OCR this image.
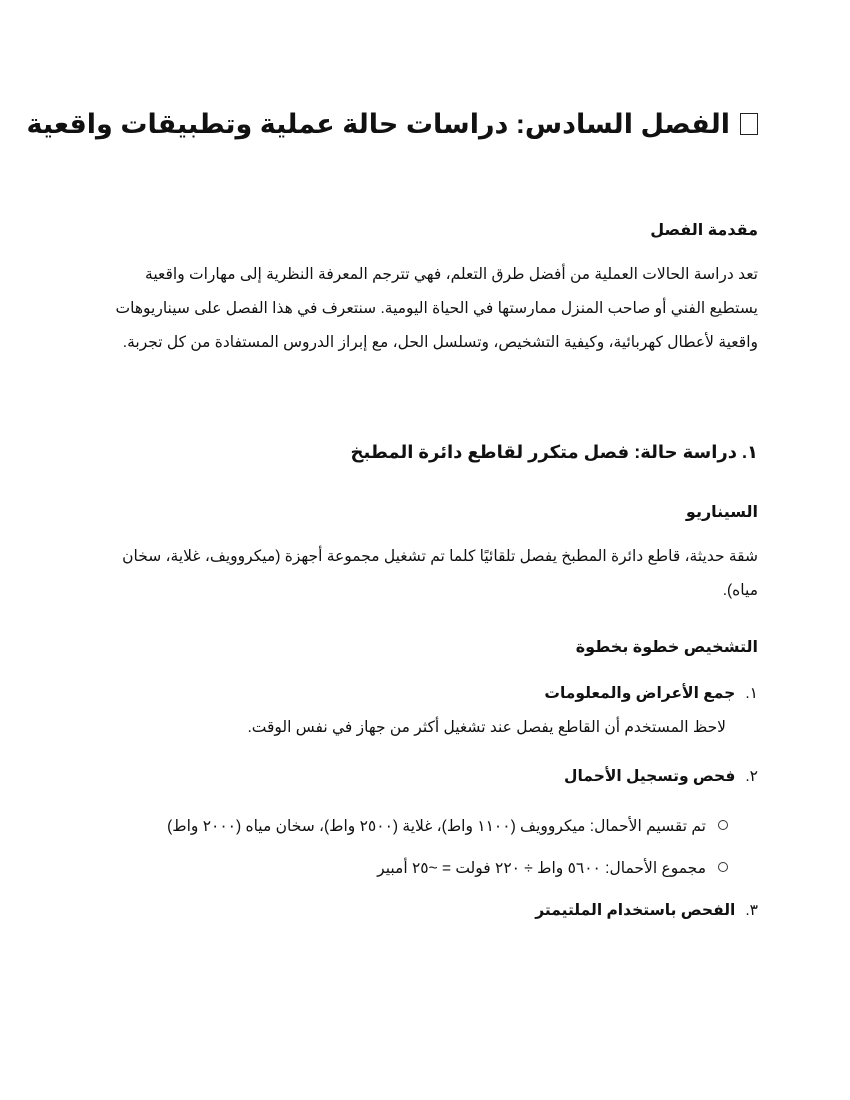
الفصل السادس: دراسات حالة عملية وتطبيقات واقعية
مقدمة الفصل
تعد دراسة الحالات العملية من أفضل طرق التعلم، فهي تترجم المعرفة النظرية إلى مهارات واقعية
يستطيع الفني أو صاحب المنزل ممارستها في الحياة اليومية. سنتعرف في هذا الفصل على سيناريوهات
واقعية لأعطال كهربائية، وكيفية التشخيص، وتسلسل الحل، مع إبراز الدروس المستفادة من كل تجربة.
١. دراسة حالة: فصل متكرر لقاطع دائرة المطبخ
السيناريو
شقة حديثة، قاطع دائرة المطبخ يفصل تلقائيًا كلما تم تشغيل مجموعة أجهزة (ميكروويف، غلاية، سخان
مياه).
التشخيص خطوة بخطوة
١.جمع الأعراض والمعلومات
لاحظ المستخدم أن القاطع يفصل عند تشغيل أكثر من جهاز في نفس الوقت.
٢.فحص وتسجيل الأحمال
تم تقسيم الأحمال: ميكروويف (١١٠٠ واط)، غلاية (٢٥٠٠ واط)، سخان مياه (٢٠٠٠ واط)
مجموع الأحمال: ٥٦٠٠ واط ÷ ٢٢٠ فولت = ~٢٥ أمبير
٣.الفحص باستخدام الملتيمتر
